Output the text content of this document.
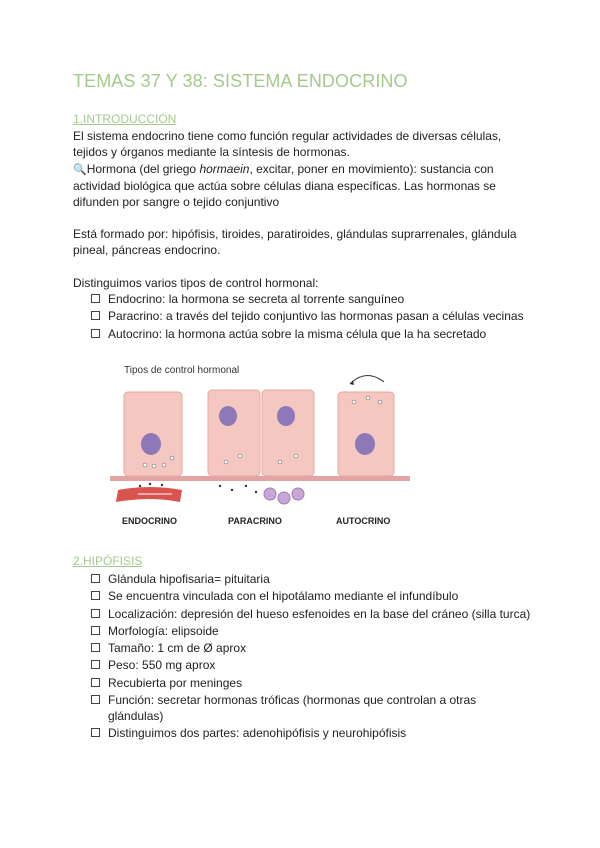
TEMAS 37 Y 38: SISTEMA ENDOCRINO
1.INTRODUCCIÓN

El sistema endocrino tiene como función regular actividades de diversas células,
tejidos y órganos mediante la síntesis de hormonas.

🔍Hormona (del griego hormaein, excitar, poner en movimiento): sustancia con
actividad biológica que actúa sobre células diana específicas. Las hormonas se
difunden por sangre o tejido conjuntivo

Está formado por: hipófisis, tiroides, paratiroides, glándulas suprarrenales, glándula
pineal, páncreas endocrino.

Distinguimos varios tipos de control hormonal:

Endocrino: la hormona se secreta al torrente sanguíneo
Paracrino: a través del tejido conjuntivo las hormonas pasan a células vecinas
Autocrino: la hormona actúa sobre la misma célula que la ha secretado
Tipos de control hormonal
ENDOCRINO	PARACRINO	AUTOCRINO
2.HIPÓFISIS
Glándula hipofisaria= pituitaria
Se encuentra vinculada con el hipotálamo mediante el infundíbulo
Localización: depresión del hueso esfenoides en la base del cráneo (silla turca)
Morfología: elipsoide
Tamaño: 1 cm de Ø aprox
Peso: 550 mg aprox
Recubierta por meninges
Función: secretar hormonas tróficas (hormonas que controlan a otras glándulas)
Distinguimos dos partes: adenohipófisis y neurohipófisis
